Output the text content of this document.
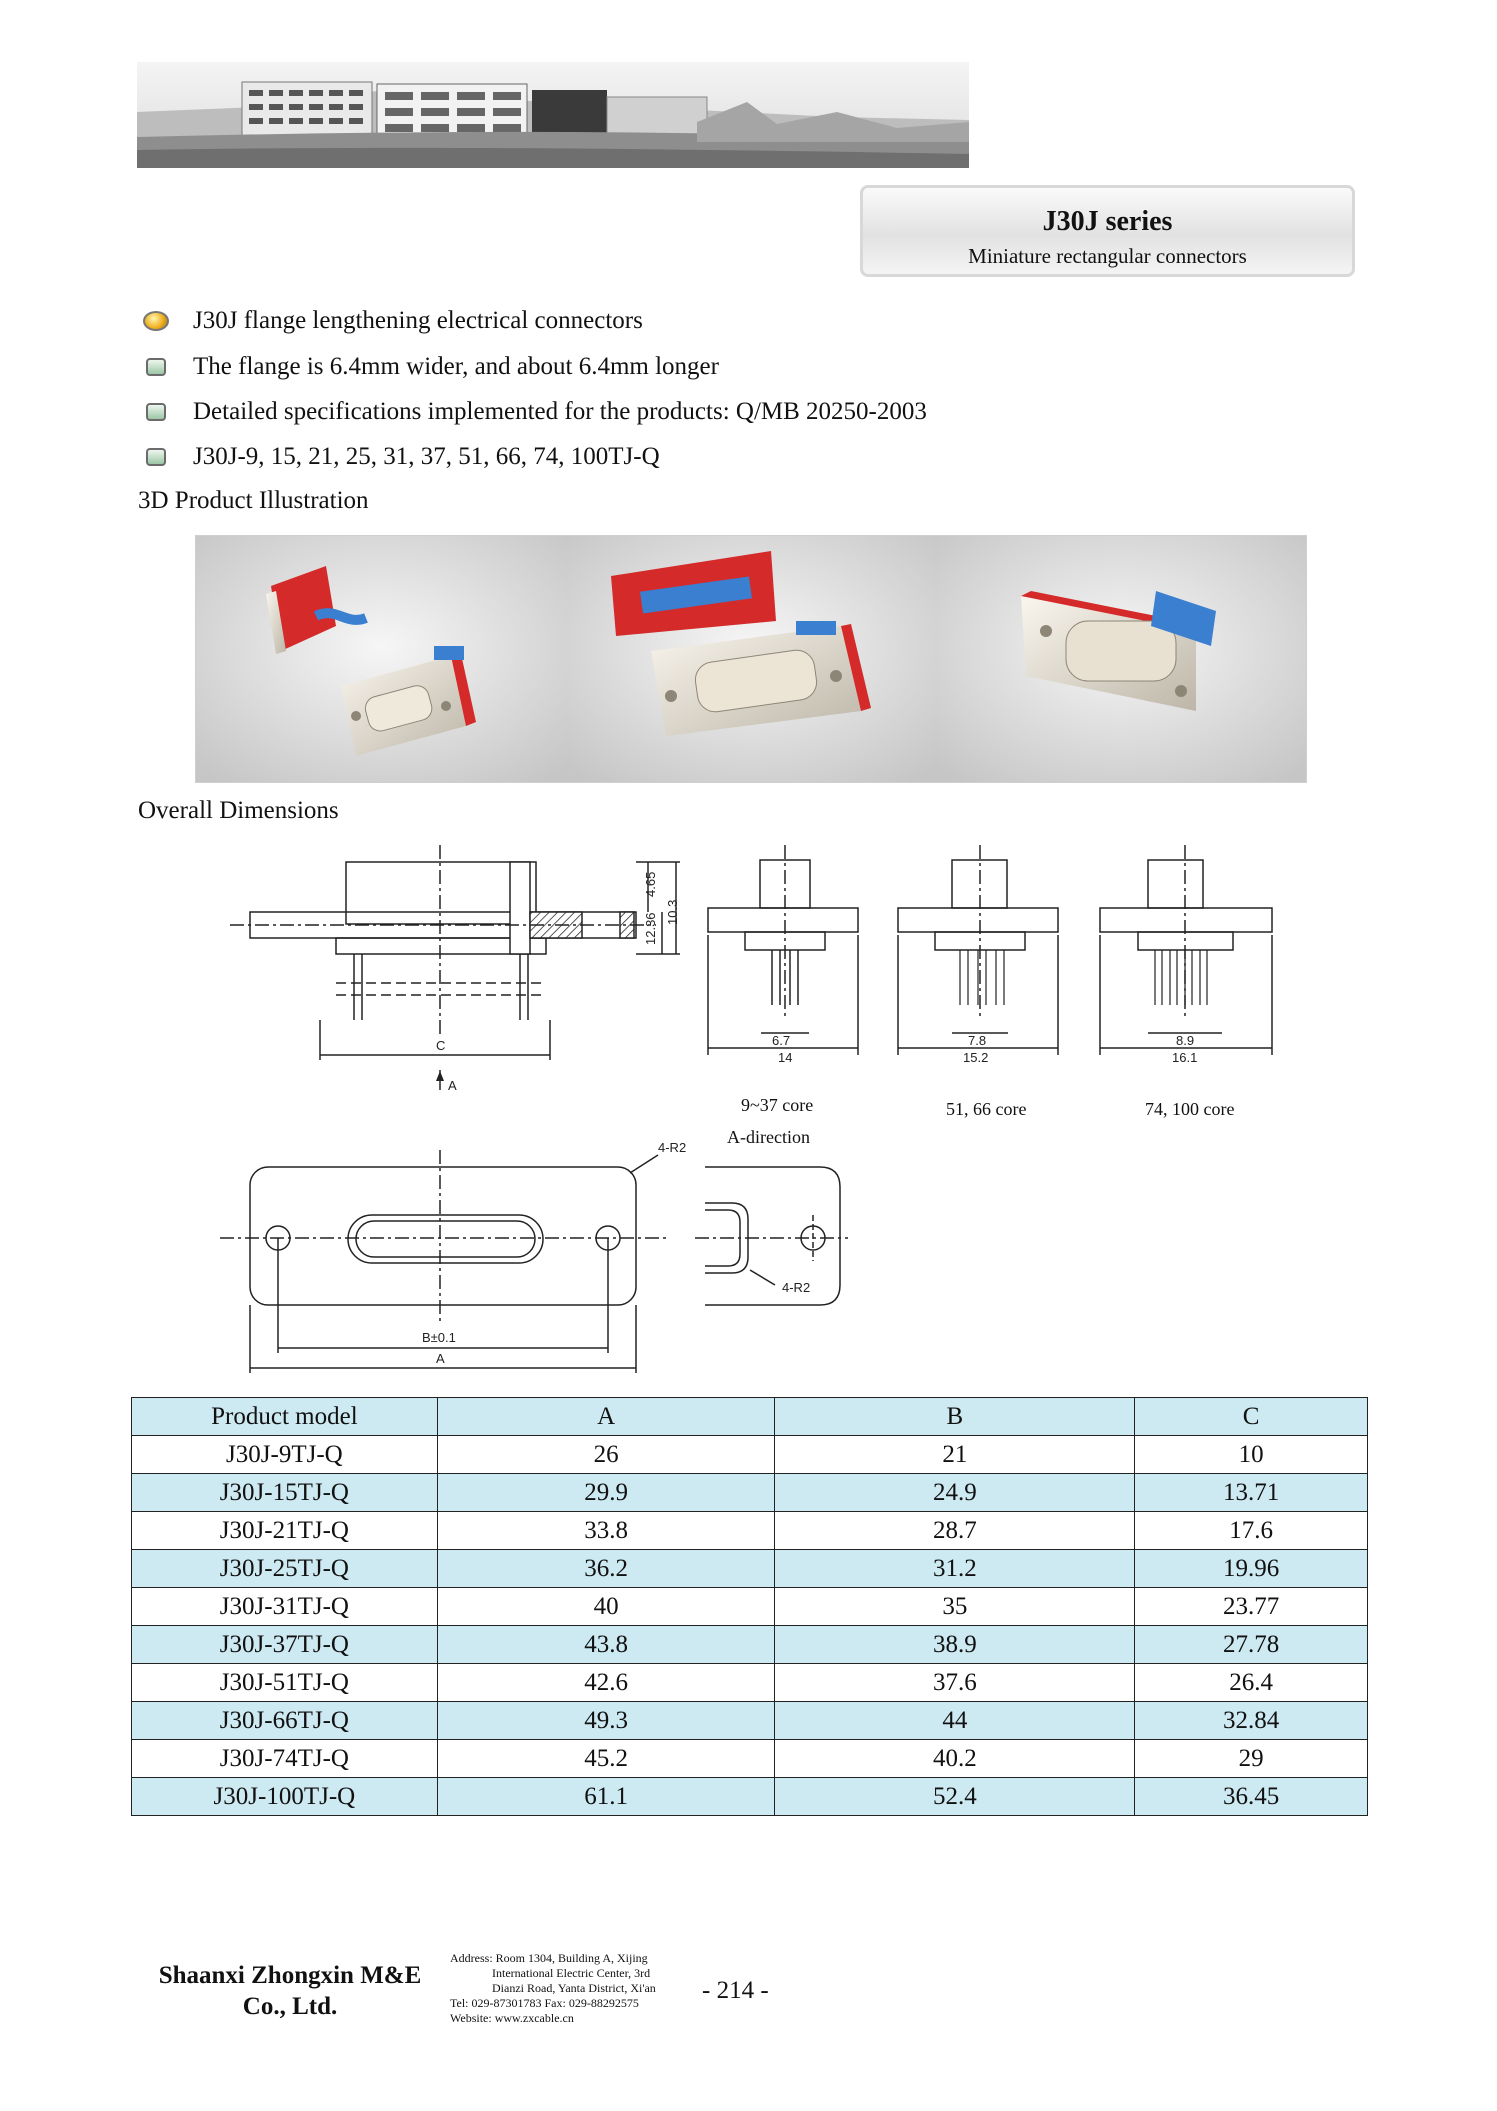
J30J series
Miniature rectangular connectors
J30J flange lengthening electrical connectors
The flange is 6.4mm wider, and about 6.4mm longer
Detailed specifications implemented for the products: Q/MB 20250-2003
J30J-9, 15, 21, 25, 31, 37, 51, 66, 74, 100TJ-Q
3D Product Illustration
Overall Dimensions
4.65
12.36
10.3
C
A
6.7
14
7.8
15.2
8.9
16.1
9~37 core	51, 66 core	74, 100 core
A-direction
4-R2
4-R2
B±0.1
A
Product model	A	B	C
J30J-9TJ-Q	26	21	10
J30J-15TJ-Q	29.9	24.9	13.71
J30J-21TJ-Q	33.8	28.7	17.6
J30J-25TJ-Q	36.2	31.2	19.96
J30J-31TJ-Q	40	35	23.77
J30J-37TJ-Q	43.8	38.9	27.78
J30J-51TJ-Q	42.6	37.6	26.4
J30J-66TJ-Q	49.3	44	32.84
J30J-74TJ-Q	45.2	40.2	29
J30J-100TJ-Q	61.1	52.4	36.45
Shaanxi Zhongxin M&E
Co., Ltd.
Address: Room 1304, Building A, Xijing
International Electric Center, 3rd
Dianzi Road, Yanta District, Xi'an
Tel: 029-87301783 Fax: 029-88292575
Website: www.zxcable.cn
- 214 -
